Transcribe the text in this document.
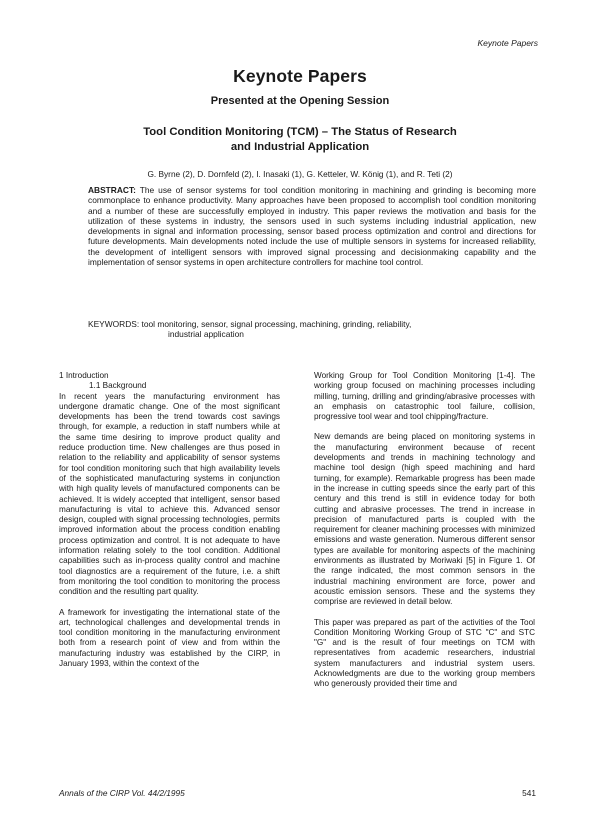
Keynote Papers
Keynote Papers
Presented at the Opening Session
Tool Condition Monitoring (TCM) – The Status of Research
and Industrial Application
G. Byrne (2), D. Dornfeld (2), I. Inasaki (1), G. Ketteler, W. König (1), and R. Teti (2)

ABSTRACT: The use of sensor systems for tool condition monitoring in machining and grinding is becoming more commonplace to enhance productivity. Many approaches have been proposed to accomplish tool condition monitoring and a number of these are successfully employed in industry. This paper reviews the motivation and basis for the utilization of these systems in industry, the sensors used in such systems including industrial application, new developments in signal and information processing, sensor based process optimization and control and directions for future developments. Main developments noted include the use of multiple sensors in systems for increased reliability, the development of intelligent sensors with improved signal processing and decisionmaking capability and the implementation of sensor systems in open architecture controllers for machine tool control.

KEYWORDS: tool monitoring, sensor, signal processing, machining, grinding, reliability,
industrial application

1 Introduction

1.1 Background

In recent years the manufacturing environment has undergone dramatic change. One of the most significant developments has been the trend towards cost savings through, for example, a reduction in staff numbers while at the same time desiring to improve product quality and reduce production time. New challenges are thus posed in relation to the reliability and applicability of sensor systems for tool condition monitoring such that high availability levels of the sophisticated manufacturing systems in conjunction with high quality levels of manufactured components can be achieved. It is widely accepted that intelligent, sensor based manufacturing is vital to achieve this. Advanced sensor design, coupled with signal processing technologies, permits improved information about the process condition enabling process optimization and control. It is not adequate to have information relating solely to the tool condition. Additional capabilities such as in-process quality control and machine tool diagnostics are a requirement of the future, i.e. a shift from monitoring the tool condition to monitoring the process condition and the resulting part quality.

A framework for investigating the international state of the art, technological challenges and developmental trends in tool condition monitoring in the manufacturing environment both from a research point of view and from within the manufacturing industry was established by the CIRP, in January 1993, within the context of the

Working Group for Tool Condition Monitoring [1-4]. The working group focused on machining processes including milling, turning, drilling and grinding/abrasive processes with an emphasis on catastrophic tool failure, collision, progressive tool wear and tool chipping/fracture.

New demands are being placed on monitoring systems in the manufacturing environment because of recent developments and trends in machining technology and machine tool design (high speed machining and hard turning, for example). Remarkable progress has been made in the increase in cutting speeds since the early part of this century and this trend is still in evidence today for both cutting and abrasive processes. The trend in increase in precision of manufactured parts is coupled with the requirement for cleaner machining processes with minimized emissions and waste generation. Numerous different sensor types are available for monitoring aspects of the machining environments as illustrated by Moriwaki [5] in Figure 1. Of the range indicated, the most common sensors in the industrial machining environment are force, power and acoustic emission sensors. These and the systems they comprise are reviewed in detail below.

This paper was prepared as part of the activities of the Tool Condition Monitoring Working Group of STC "C" and STC "G" and is the result of four meetings on TCM with representatives from academic researchers, industrial system manufacturers and industrial system users. Acknowledgments are due to the working group members who generously provided their time and

Annals of the CIRP Vol. 44/2/1995	541
